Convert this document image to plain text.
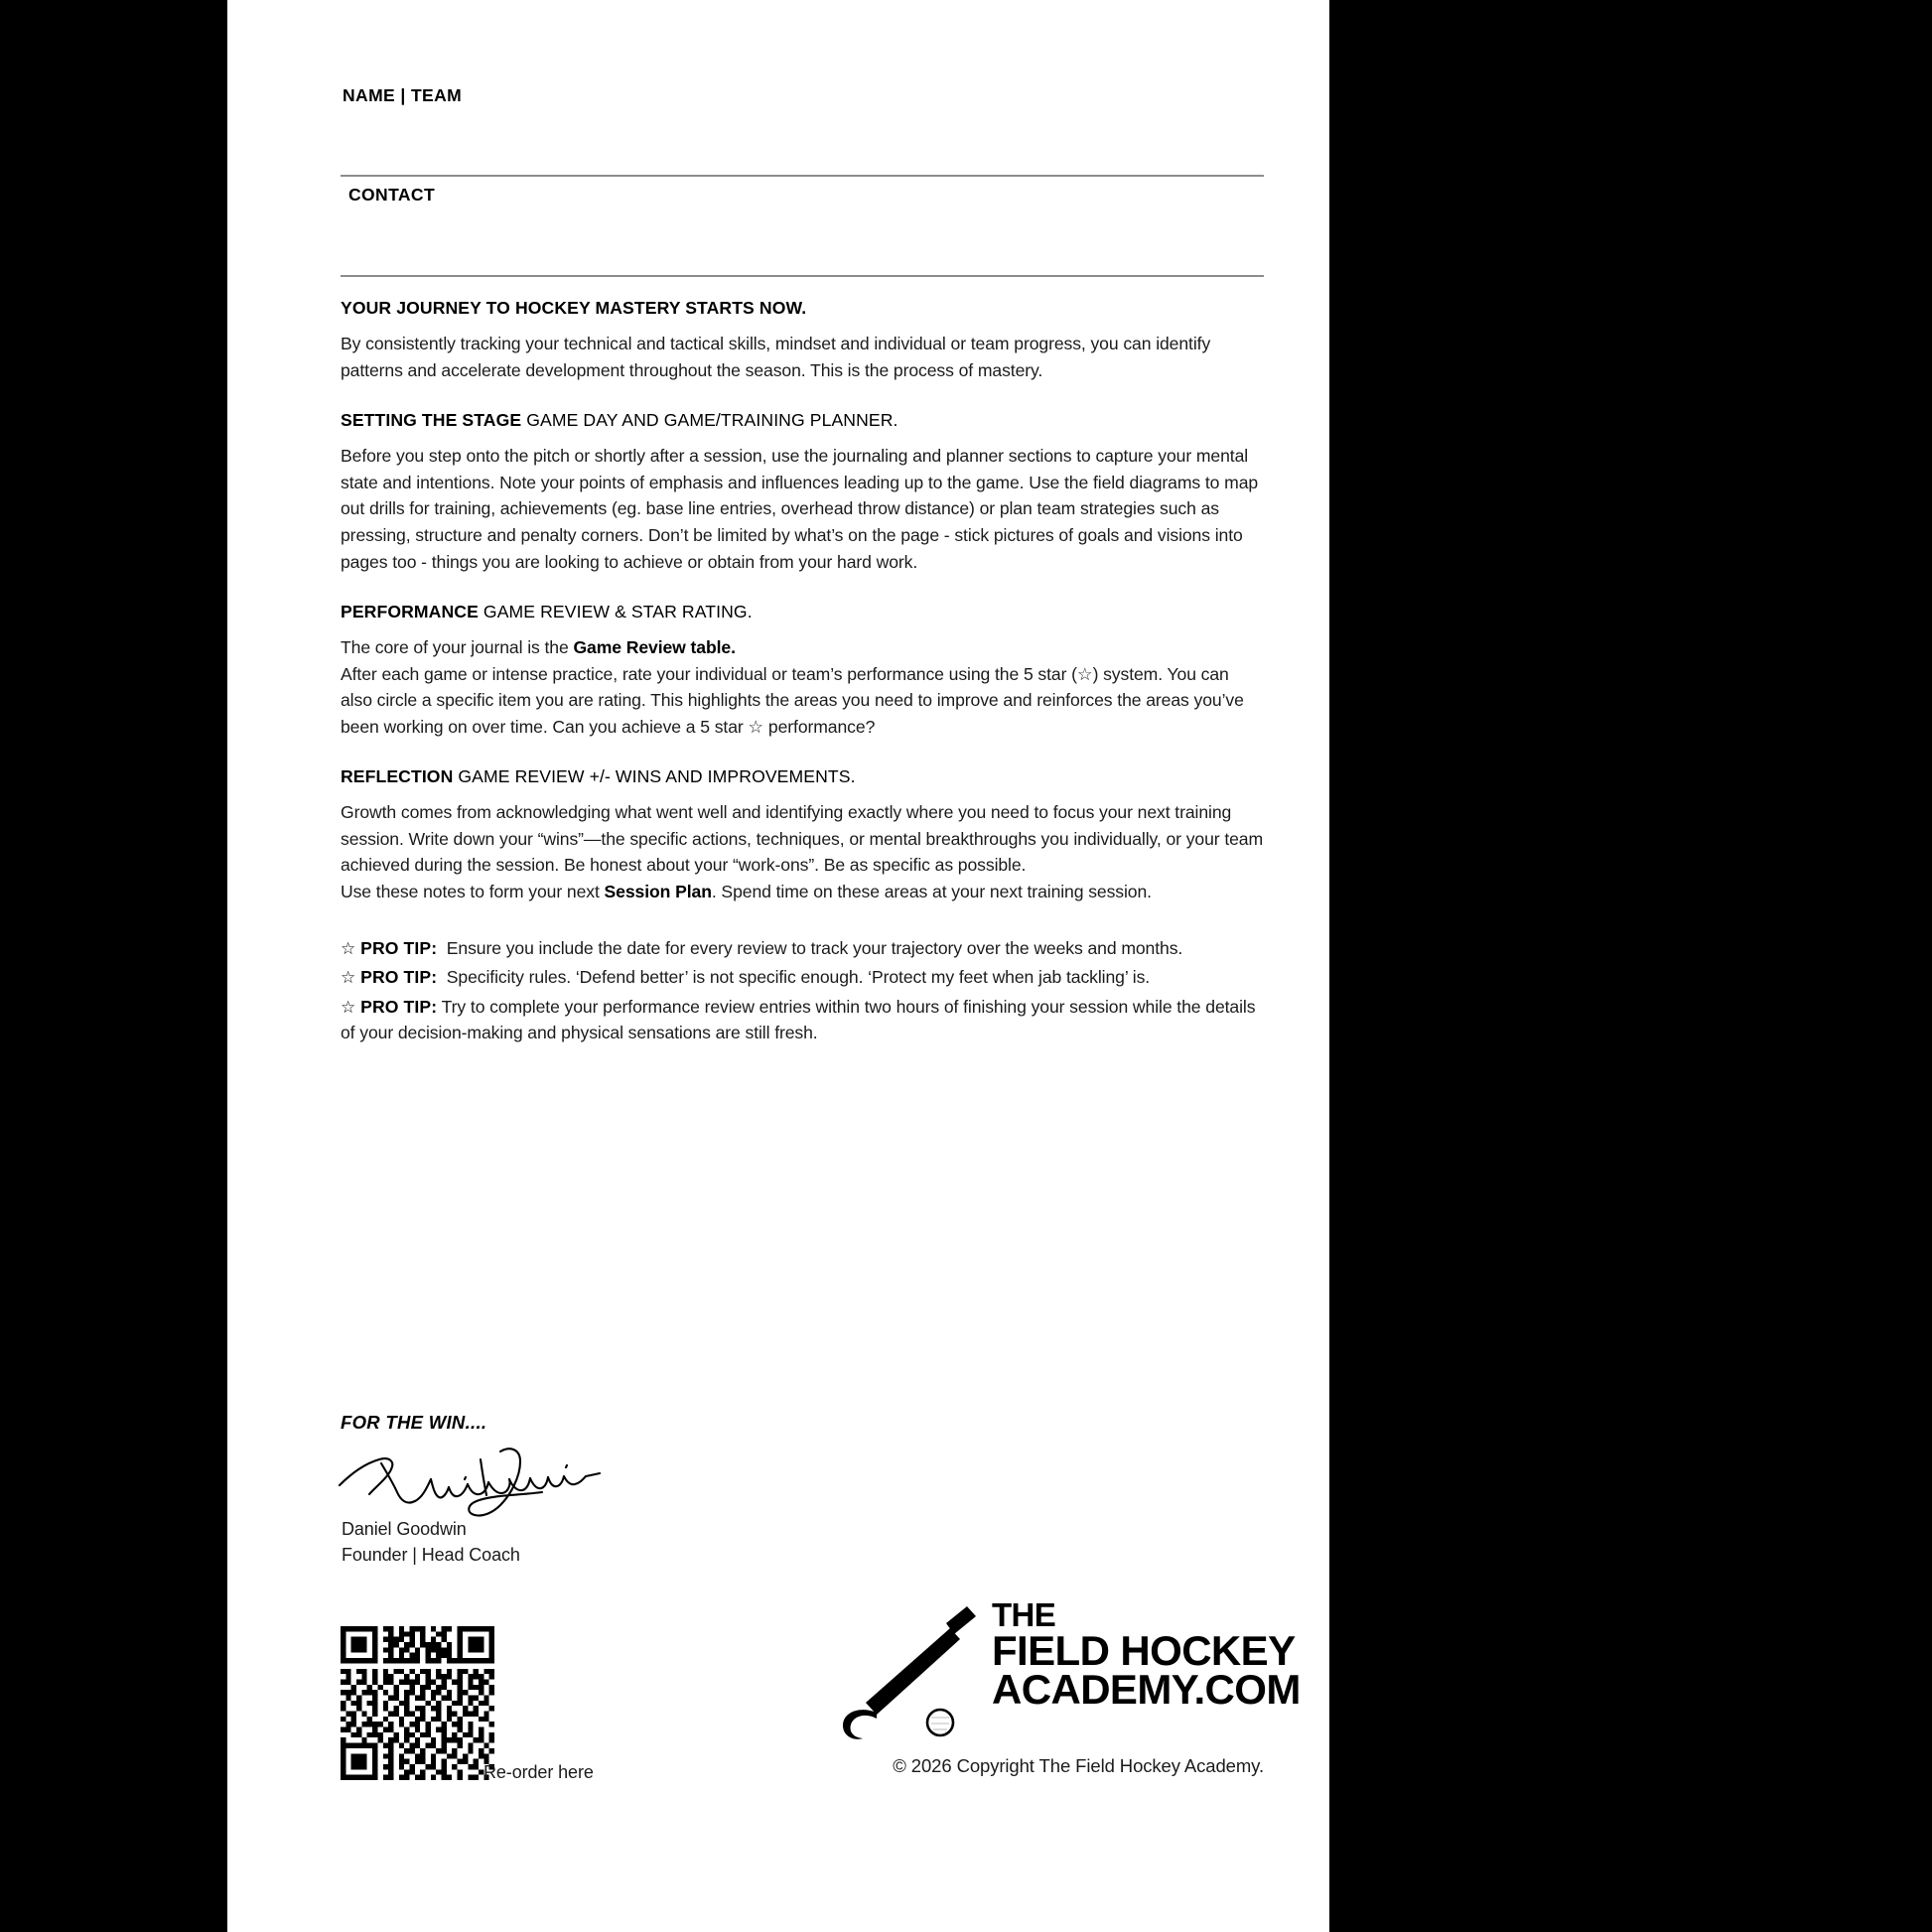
NAME | TEAM
CONTACT
YOUR JOURNEY TO HOCKEY MASTERY STARTS NOW.

By consistently tracking your technical and tactical skills, mindset and individual or team progress, you can identify patterns and accelerate development throughout the season. This is the process of mastery.

SETTING THE STAGE GAME DAY AND GAME/TRAINING PLANNER.

Before you step onto the pitch or shortly after a session, use the journaling and planner sections to capture your mental state and intentions. Note your points of emphasis and influences leading up to the game. Use the field diagrams to map out drills for training, achievements (eg. base line entries, overhead throw distance) or plan team strategies such as pressing, structure and penalty corners. Don’t be limited by what’s on the page - stick pictures of goals and visions into pages too - things you are looking to achieve or obtain from your hard work.

PERFORMANCE GAME REVIEW & STAR RATING.

The core of your journal is the Game Review table.

After each game or intense practice, rate your individual or team’s performance using the 5 star (☆) system. You can also circle a specific item you are rating. This highlights the areas you need to improve and reinforces the areas you’ve been working on over time. Can you achieve a 5 star ☆ performance?

REFLECTION GAME REVIEW +/- WINS AND IMPROVEMENTS.

Growth comes from acknowledging what went well and identifying exactly where you need to focus your next training session. Write down your “wins”—the specific actions, techniques, or mental breakthroughs you individually, or your team achieved during the session. Be honest about your “work-ons”. Be as specific as possible.

Use these notes to form your next Session Plan. Spend time on these areas at your next training session.

☆ PRO TIP: Ensure you include the date for every review to track your trajectory over the weeks and months.

☆ PRO TIP: Specificity rules. ‘Defend better’ is not specific enough. ‘Protect my feet when jab tackling’ is.

☆ PRO TIP: Try to complete your performance review entries within two hours of finishing your session while the details of your decision-making and physical sensations are still fresh.

FOR THE WIN....
Daniel Goodwin
Founder | Head Coach
Re-order here
THE
FIELD HOCKEY
ACADEMY.COM
© 2026 Copyright The Field Hockey Academy.
